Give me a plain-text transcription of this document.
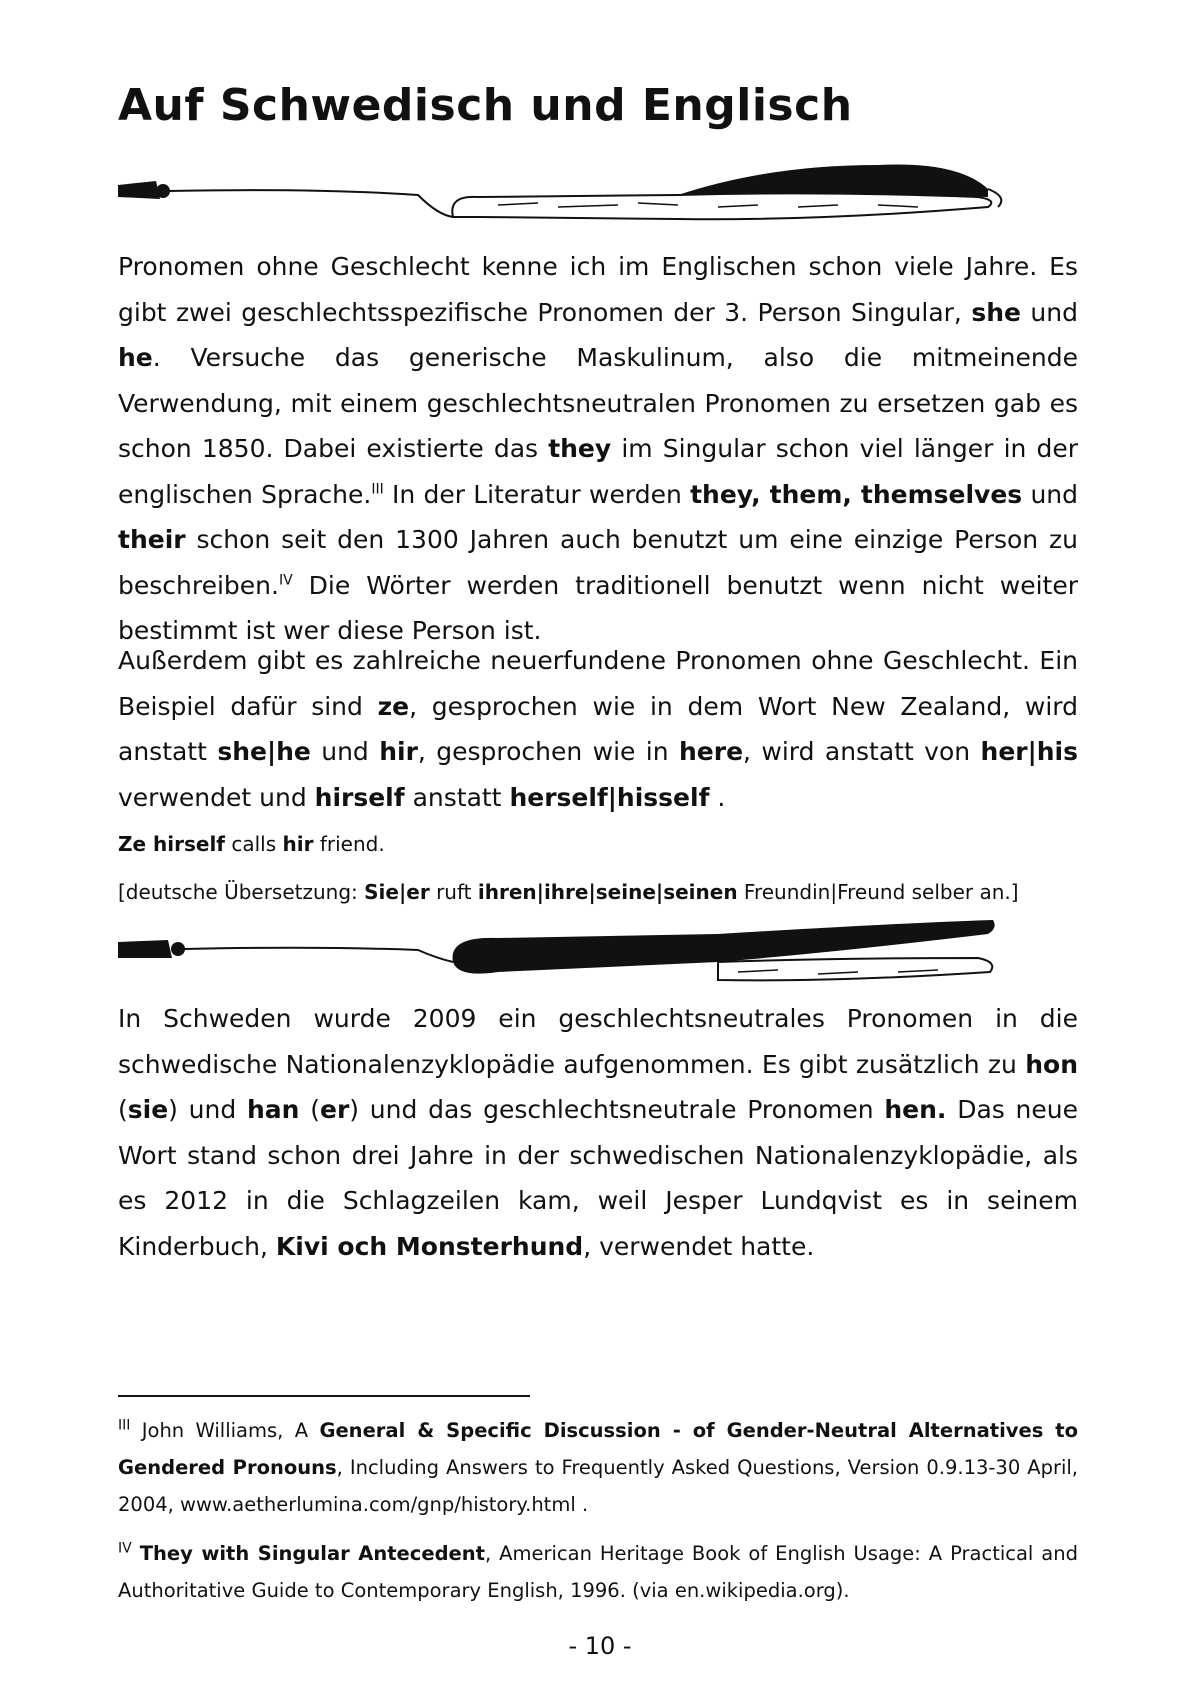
Auf Schwedisch und Englisch

Pronomen ohne Geschlecht kenne ich im Englischen schon viele Jahre. Es gibt zwei geschlechtsspezifische Pronomen der 3. Person Singular, she und he. Versuche das generische Maskulinum, also die mitmeinende Verwendung, mit einem geschlechtsneutralen Pronomen zu ersetzen gab es schon 1850. Dabei existierte das they im Singular schon viel länger in der englischen Sprache.$^{III}$ In der Literatur werden they, them, themselves und their schon seit den 1300 Jahren auch benutzt um eine einzige Person zu beschreiben.$^{IV}$ Die Wörter werden traditionell benutzt wenn nicht weiter bestimmt ist wer diese Person ist.

Außerdem gibt es zahlreiche neuerfundene Pronomen ohne Geschlecht. Ein Beispiel dafür sind ze, gesprochen wie in dem Wort New Zealand, wird anstatt she|he und hir, gesprochen wie in here, wird anstatt von her|his verwendet und hirself anstatt herself|hisself .

Ze hirself calls hir friend.

[deutsche Übersetzung: Sie|er ruft ihren|ihre|seine|seinen Freundin|Freund selber an.]

In Schweden wurde 2009 ein geschlechtsneutrales Pronomen in die schwedische Nationalenzyklopädie aufgenommen. Es gibt zusätzlich zu hon (sie) und han (er) und das geschlechtsneutrale Pronomen hen. Das neue Wort stand schon drei Jahre in der schwedischen Nationalenzyklopädie, als es 2012 in die Schlagzeilen kam, weil Jesper Lundqvist es in seinem Kinderbuch, Kivi och Monsterhund, verwendet hatte.

$^{III}$ John Williams, A General & Specific Discussion - of Gender-Neutral Alternatives to Gendered Pronouns, Including Answers to Frequently Asked Questions, Version 0.9.13-30 April, 2004, www.aetherlumina.com/gnp/history.html .

$^{IV}$ They with Singular Antecedent, American Heritage Book of English Usage: A Practical and Authoritative Guide to Contemporary English, 1996. (via en.wikipedia.org).

- 10 -
